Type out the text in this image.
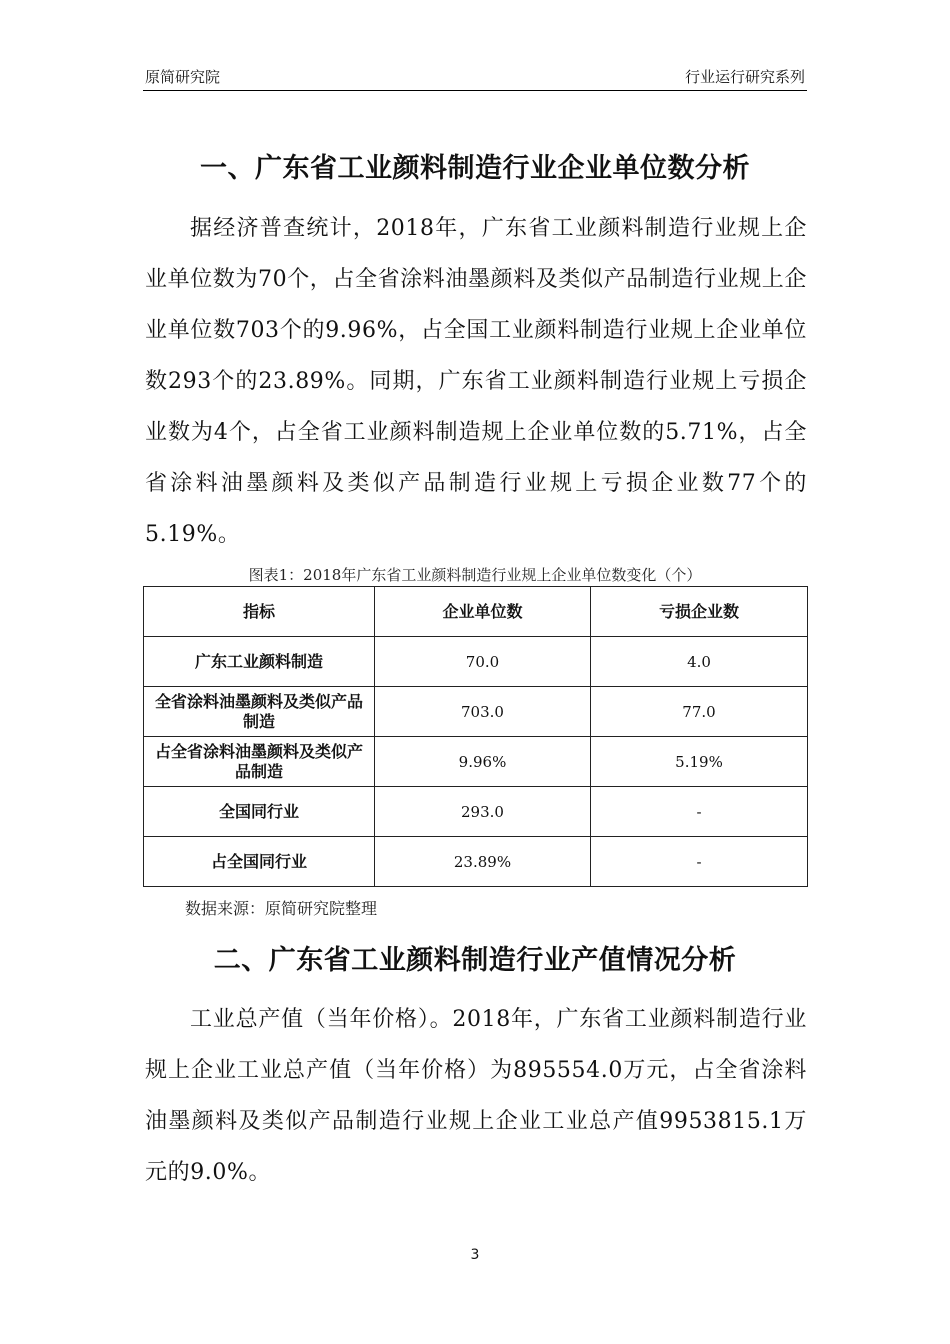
原简研究院	行业运行研究系列
一、广东省工业颜料制造行业企业单位数分析
据经济普查统计，2018年，广东省工业颜料制造行业规上企业单位数为70个，占全省涂料油墨颜料及类似产品制造行业规上企业单位数703个的9.96%，占全国工业颜料制造行业规上企业单位数293个的23.89%。同期，广东省工业颜料制造行业规上亏损企业数为4个，占全省工业颜料制造规上企业单位数的5.71%，占全省涂料油墨颜料及类似产品制造行业规上亏损企业数77个的5.19%。
图表1：2018年广东省工业颜料制造行业规上企业单位数变化（个）
指标	企业单位数	亏损企业数
广东工业颜料制造	70.0	4.0
全省涂料油墨颜料及类似产品制造	703.0	77.0
占全省涂料油墨颜料及类似产品制造	9.96%	5.19%
全国同行业	293.0	-
占全国同行业	23.89%	-
数据来源：原简研究院整理
二、广东省工业颜料制造行业产值情况分析
工业总产值（当年价格）。2018年，广东省工业颜料制造行业规上企业工业总产值（当年价格）为895554.0万元，占全省涂料油墨颜料及类似产品制造行业规上企业工业总产值9953815.1万元的9.0%。
3
